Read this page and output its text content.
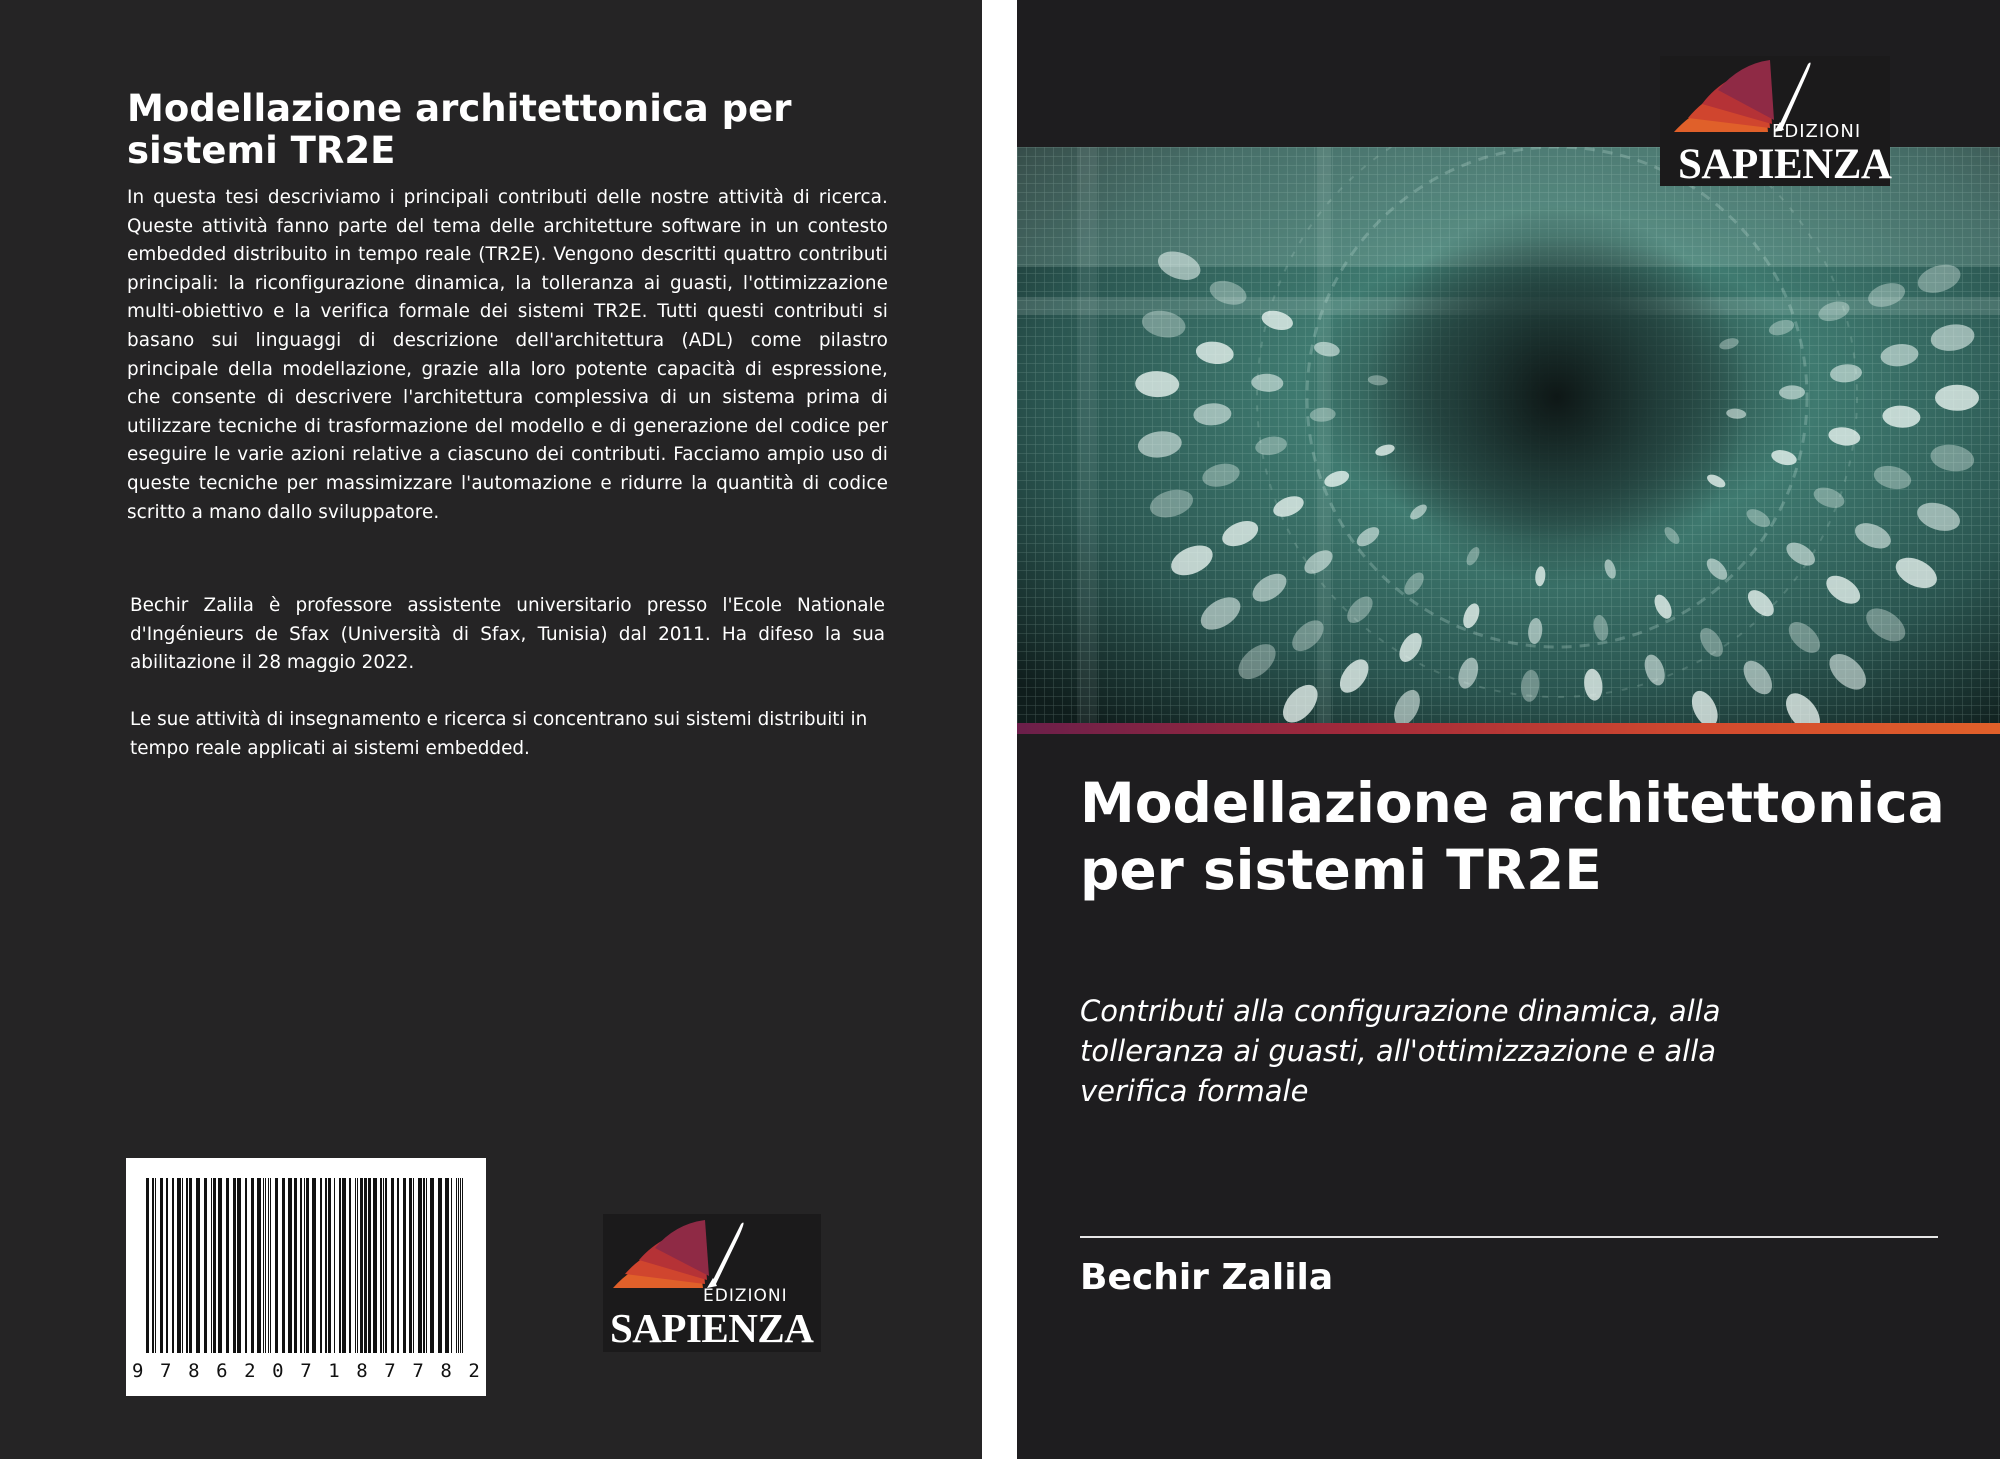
Modellazione architettonica per sistemi TR2E

In questa tesi descriviamo i principali contributi delle nostre attività di ricerca. Queste attività fanno parte del tema delle architetture software in un contesto embedded distribuito in tempo reale (TR2E). Vengono descritti quattro contributi principali: la riconfigurazione dinamica, la tolleranza ai guasti, l'ottimizzazione multi-obiettivo e la verifica formale dei sistemi TR2E. Tutti questi contributi si basano sui linguaggi di descrizione dell'architettura (ADL) come pilastro principale della modellazione, grazie alla loro potente capacità di espressione, che consente di descrivere l'architettura complessiva di un sistema prima di utilizzare tecniche di trasformazione del modello e di generazione del codice per eseguire le varie azioni relative a ciascuno dei contributi. Facciamo ampio uso di queste tecniche per massimizzare l'automazione e ridurre la quantità di codice scritto a mano dallo sviluppatore.

Bechir Zalila è professore assistente universitario presso l'Ecole Nationale d'Ingénieurs de Sfax (Università di Sfax, Tunisia) dal 2011. Ha difeso la sua abilitazione il 28 maggio 2022.

Le sue attività di insegnamento e ricerca si concentrano sui sistemi distribuiti in tempo reale applicati ai sistemi embedded.

9 7 8 6 2 0 7 1 8 7 7 8 2
EDIZIONI
SAPIENZA
EDIZIONI
SAPIENZA
Modellazione architettonica per sistemi TR2E

Contributi alla configurazione dinamica, alla tolleranza ai guasti, all'ottimizzazione e alla verifica formale

Bechir Zalila
